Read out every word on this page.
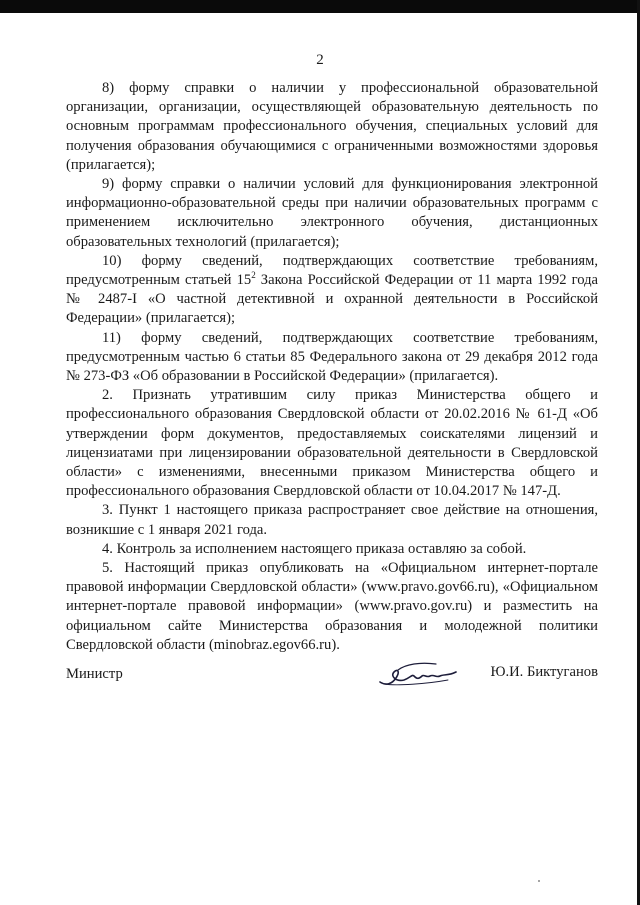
2

8) форму справки о наличии у профессиональной образовательной организации, организации, осуществляющей образовательную деятельность по основным программам профессионального обучения, специальных условий для получения образования обучающимися с ограниченными возможностями здоровья (прилагается);

9) форму справки о наличии условий для функционирования электронной информационно-образовательной среды при наличии образовательных программ с применением исключительно электронного обучения, дистанционных образовательных технологий (прилагается);

10) форму сведений, подтверждающих соответствие требованиям, предусмотренным статьей $15^2$ Закона Российской Федерации от 11 марта 1992 года № 2487-I «О частной детективной и охранной деятельности в Российской Федерации» (прилагается);

11) форму сведений, подтверждающих соответствие требованиям, предусмотренным частью 6 статьи 85 Федерального закона от 29 декабря 2012 года № 273-ФЗ «Об образовании в Российской Федерации» (прилагается).

2. Признать утратившим силу приказ Министерства общего и профессионального образования Свердловской области от 20.02.2016 № 61-Д «Об утверждении форм документов, предоставляемых соискателями лицензий и лицензиатами при лицензировании образовательной деятельности в Свердловской области» с изменениями, внесенными приказом Министерства общего и профессионального образования Свердловской области от 10.04.2017 № 147-Д.

3. Пункт 1 настоящего приказа распространяет свое действие на отношения, возникшие с 1 января 2021 года.

4. Контроль за исполнением настоящего приказа оставляю за собой.

5. Настоящий приказ опубликовать на «Официальном интернет-портале правовой информации Свердловской области» (www.pravo.gov66.ru), «Официальном интернет-портале правовой информации» (www.pravo.gov.ru) и разместить на официальном сайте Министерства образования и молодежной политики Свердловской области (minobraz.egov66.ru).

Министр	Ю.И. Биктуганов
